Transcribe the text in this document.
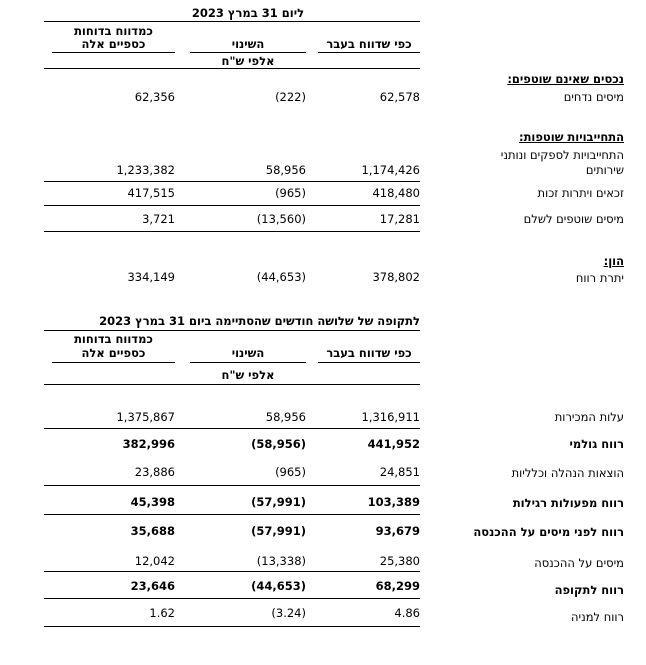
ליום 31 במרץ 2023
כמדווח בדוחות
כספיים אלה	השינוי	כפי שדווח בעבר
אלפי ש"ח
נכסים שאינם שוטפים:
מיסים נדחים
62,356	(222)	62,578
התחייבויות שוטפות:
התחייבויות לספקים ונותני
שירותים
1,233,382	58,956	1,174,426
זכאים ויתרות זכות
417,515	(965)	418,480
מיסים שוטפים לשלם
3,721	(13,560)	17,281
הון:
יתרת רווח
334,149	(44,653)	378,802
לתקופה של שלושה חודשים שהסתיימה ביום 31 במרץ 2023
כמדווח בדוחות
כספיים אלה	השינוי	כפי שדווח בעבר
אלפי ש"ח
עלות המכירות
1,375,867	58,956	1,316,911
רווח גולמי
382,996	(58,956)	441,952
הוצאות הנהלה וכלליות
23,886	(965)	24,851
רווח מפעולות רגילות
45,398	(57,991)	103,389
רווח לפני מיסים על ההכנסה
35,688	(57,991)	93,679
מיסים על ההכנסה
12,042	(13,338)	25,380
רווח לתקופה
23,646	(44,653)	68,299
רווח למניה
1.62	(3.24)	4.86
